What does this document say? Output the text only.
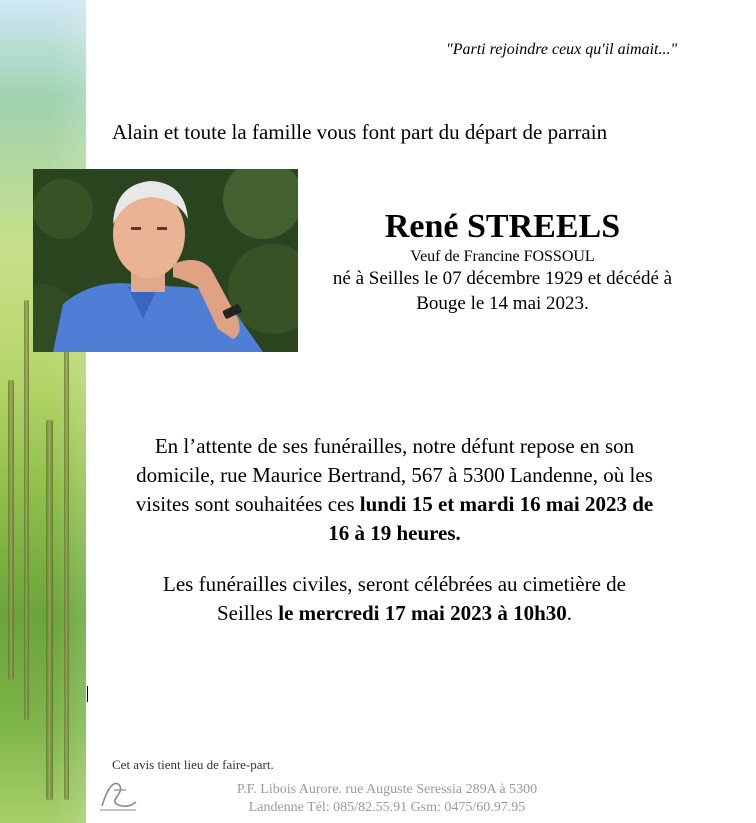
"Parti rejoindre ceux qu'il aimait..."
Alain et toute la famille vous font part du départ de parrain
René STREELS
Veuf de Francine FOSSOUL
né à Seilles le 07 décembre 1929 et décédé à
Bouge le 14 mai 2023.
En l’attente de ses funérailles, notre défunt repose en son
domicile, rue Maurice Bertrand, 567 à 5300 Landenne, où les
visites sont souhaitées ces lundi 15 et mardi 16 mai 2023 de
16 à 19 heures.
Les funérailles civiles, seront célébrées au cimetière de
Seilles le mercredi 17 mai 2023 à 10h30.
Cet avis tient lieu de faire-part.
P.F. Libois Aurore. rue Auguste Seressia 289A à 5300
Landenne Tél: 085/82.55.91 Gsm: 0475/60.97.95
